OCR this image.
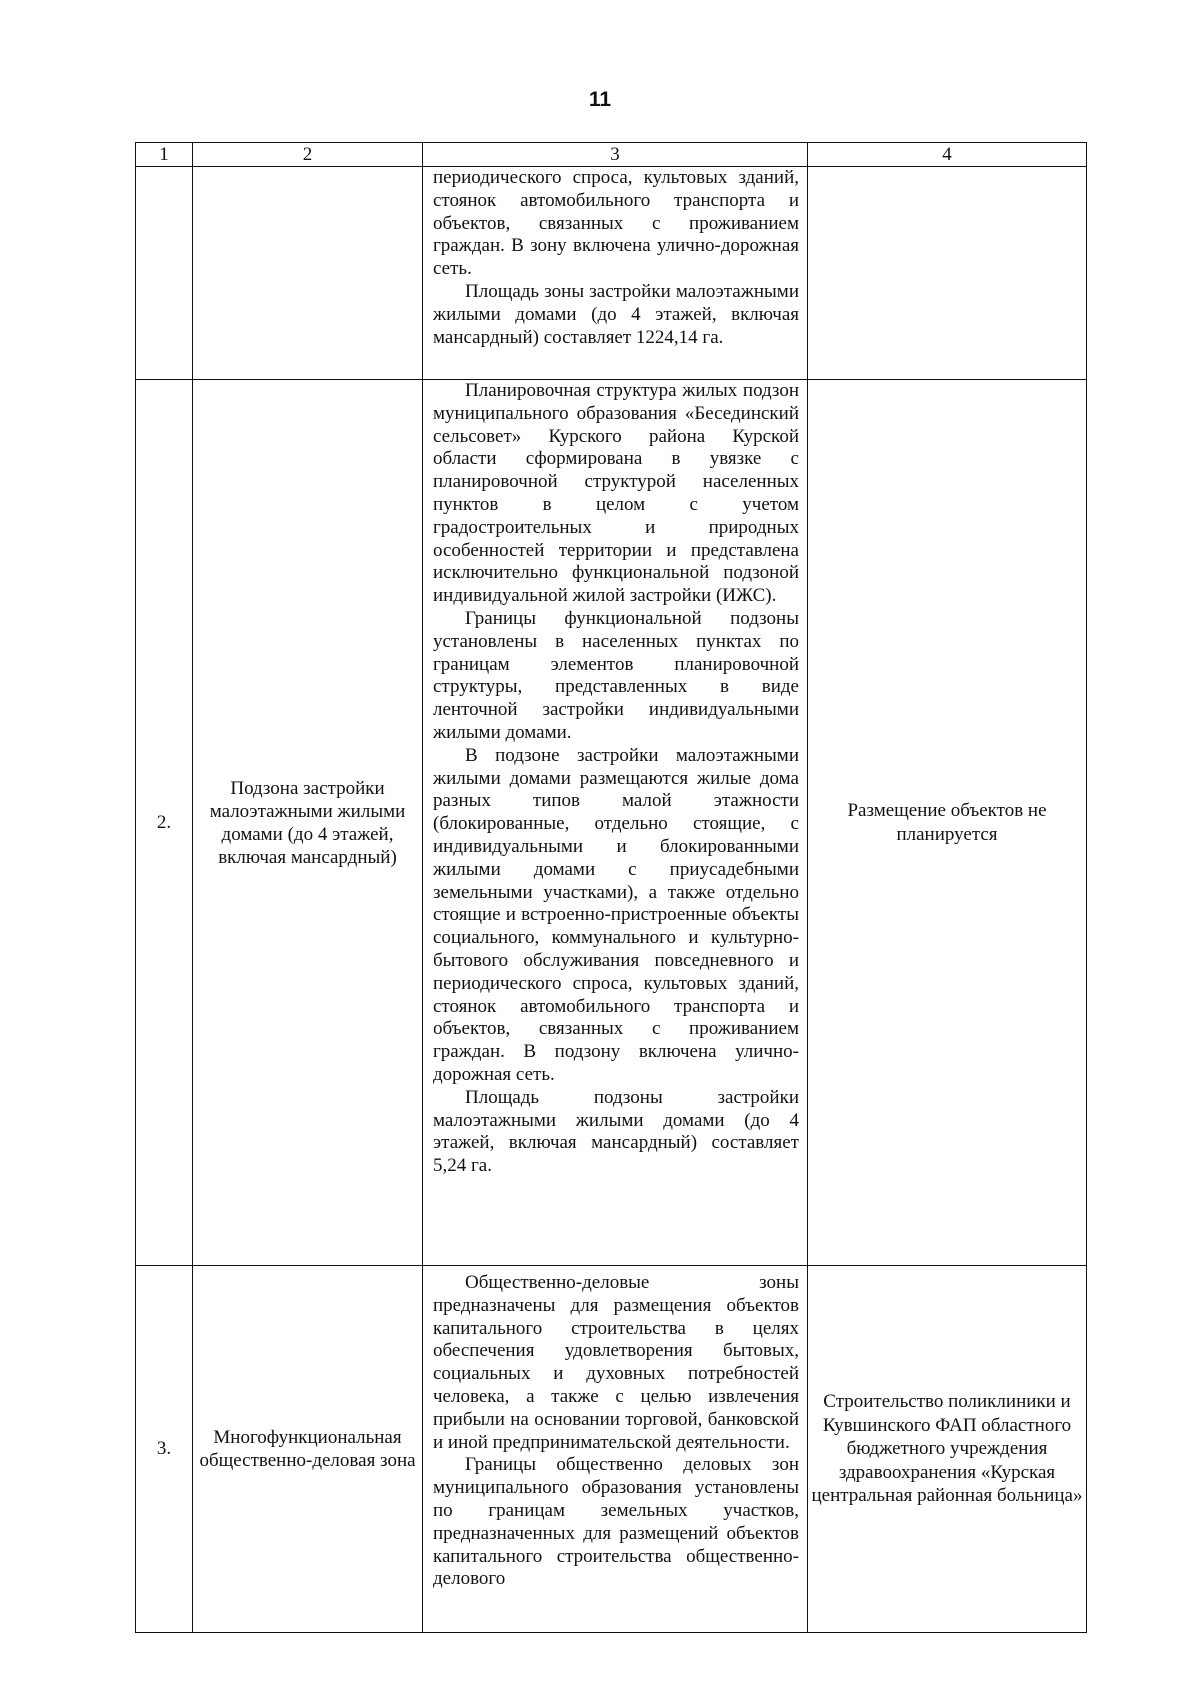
11
1	2	3	4

		периодического спроса, культовых зданий, стоянок автомобильного транспорта и объектов, связанных с проживанием граждан. В зону включена улично-дорожная сеть.

Площадь зоны застройки малоэтажными жилыми домами (до 4 этажей, включая мансардный) составляет 1224,14 га.	

2.	Подзона застройки малоэтажными жилыми домами (до 4 этажей, включая мансардный)	Планировочная структура жилых подзон муниципального образования «Бесединский сельсовет» Курского района Курской области сформирована в увязке с планировочной структурой населенных пунктов в целом с учетом градостроительных и природных особенностей территории и представлена исключительно функциональной подзоной индивидуальной жилой застройки (ИЖС).

Границы функциональной подзоны установлены в населенных пунктах по границам элементов планировочной структуры, представленных в виде ленточной застройки индивидуальными жилыми домами.

В подзоне застройки малоэтажными жилыми домами размещаются жилые дома разных типов малой этажности (блокированные, отдельно стоящие, с индивидуальными и блокированными жилыми домами с приусадебными земельными участками), а также отдельно стоящие и встроенно-пристроенные объекты социального, коммунального и культурно-бытового обслуживания повседневного и периодического спроса, культовых зданий, стоянок автомобильного транспорта и объектов, связанных с проживанием граждан. В подзону включена улично-дорожная сеть.

Площадь подзоны застройки малоэтажными жилыми домами (до 4 этажей, включая мансардный) составляет 5,24 га.	Размещение объектов не планируется
3.	Многофункциональная общественно-деловая зона	Общественно-деловые зоны предназначены для размещения объектов капитального строительства в целях обеспечения удовлетворения бытовых, социальных и духовных потребностей человека, а также с целью извлечения прибыли на основании торговой, банковской и иной предпринимательской деятельности.

Границы общественно деловых зон муниципального образования установлены по границам земельных участков, предназначенных для размещений объектов капитального строительства общественно-делового	Строительство поликлиники и Кувшинского ФАП областного бюджетного учреждения здравоохранения «Курская центральная районная больница»
